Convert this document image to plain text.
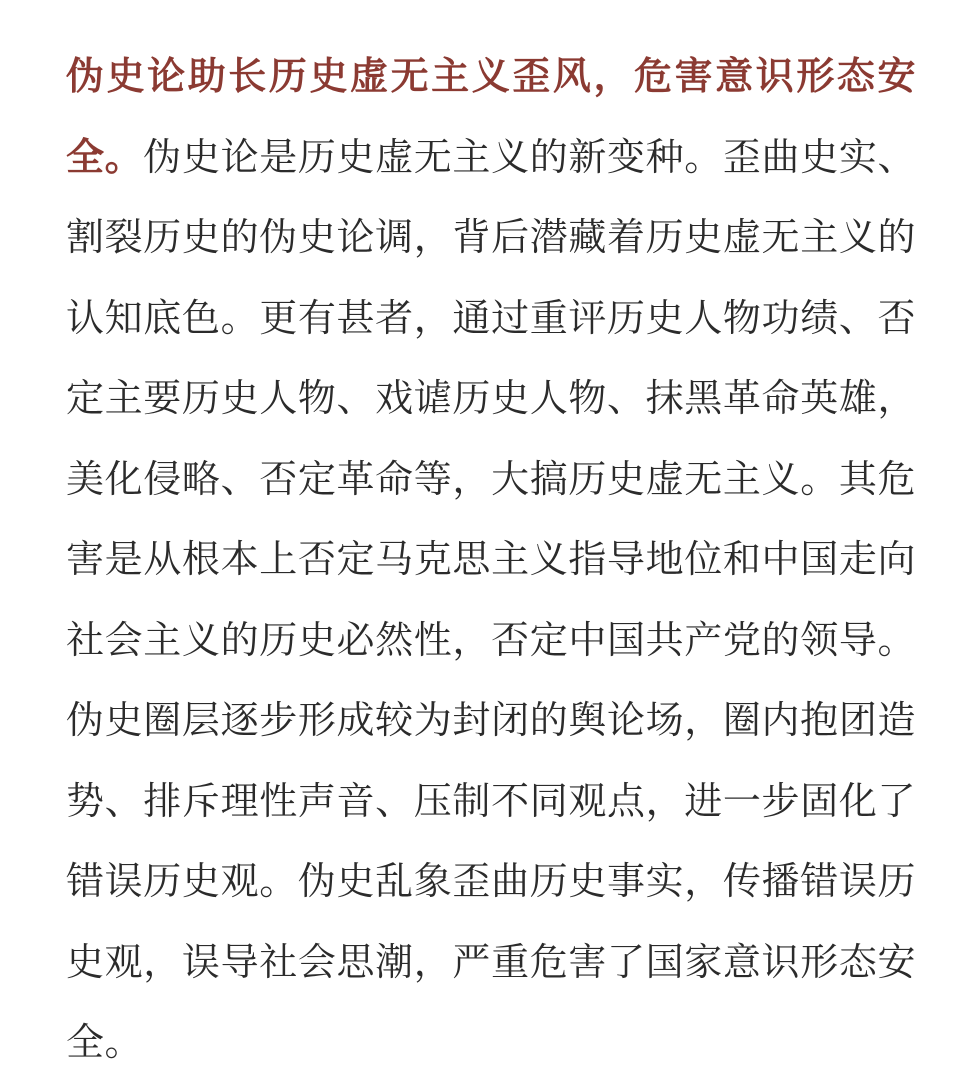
伪史论助长历史虚无主义歪风，危害意识形态安全。伪史论是历史虚无主义的新变种。歪曲史实、割裂历史的伪史论调，背后潜藏着历史虚无主义的认知底色。更有甚者，通过重评历史人物功绩、否定主要历史人物、戏谑历史人物、抹黑革命英雄，美化侵略、否定革命等，大搞历史虚无主义。其危害是从根本上否定马克思主义指导地位和中国走向社会主义的历史必然性，否定中国共产党的领导。伪史圈层逐步形成较为封闭的舆论场，圈内抱团造势、排斥理性声音、压制不同观点，进一步固化了错误历史观。伪史乱象歪曲历史事实，传播错误历史观，误导社会思潮，严重危害了国家意识形态安全。
